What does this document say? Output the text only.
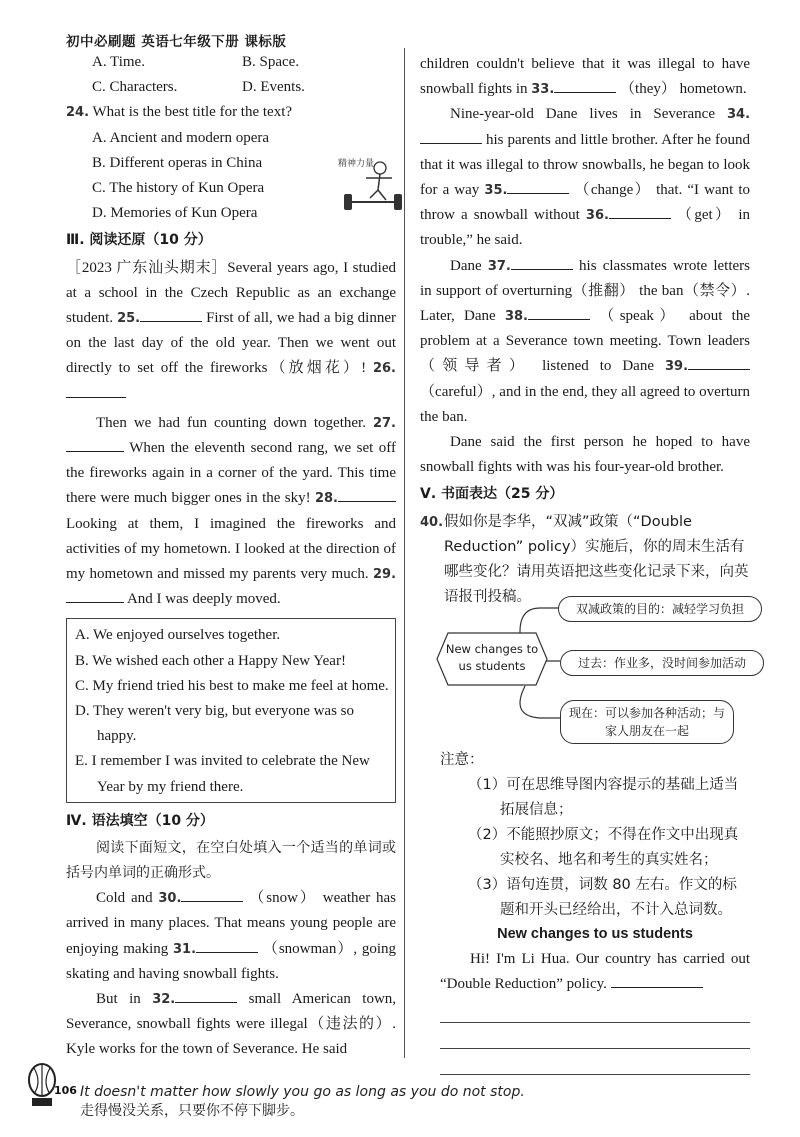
初中必刷题 英语七年级下册 课标版
A. Time.	B. Space.
C. Characters.	D. Events.
24. What is the best title for the text?
A. Ancient and modern opera
B. Different operas in China
C. The history of Kun Opera
D. Memories of Kun Opera
Ⅲ. 阅读还原（10 分）

［2023 广东汕头期末］Several years ago, I studied at a school in the Czech Republic as an exchange student. 25.	First of all, we had a big dinner on the last day of the old year. Then we went out directly to set off the fireworks（放烟花）! 26.

Then we had fun counting down together. 27. When the eleventh second rang, we set off the fireworks again in a corner of the yard. This time there were much bigger ones in the sky! 28. Looking at them, I imagined the fireworks and activities of my hometown. I looked at the direction of my hometown and missed my parents very much. 29. And I was deeply moved.

A. We enjoyed ourselves together.
B. We wished each other a Happy New Year!
C. My friend tried his best to make me feel at home.
D. They weren't very big, but everyone was so happy.
E. I remember I was invited to celebrate the New Year by my friend there.
Ⅳ. 语法填空（10 分）

阅读下面短文，在空白处填入一个适当的单词或括号内单词的正确形式。

Cold and 30.	（snow） weather has arrived in many places. That means young people are enjoying making 31.	（snowman）, going skating and having snowball fights.

But in 32.	small American town, Severance, snowball fights were illegal（违法的）. Kyle works for the town of Severance. He said

精神力量

children couldn't believe that it was illegal to have snowball fights in 33.	（they） hometown.

Nine-year-old Dane lives in Severance 34. his parents and little brother. After he found that it was illegal to throw snowballs, he began to look for a way 35.	（change） that. “I want to throw a snowball without 36.	（get） in trouble,” he said.

Dane 37.	his classmates wrote letters in support of overturning（推翻） the ban（禁令）. Later, Dane 38.	（speak） about the problem at a Severance town meeting. Town leaders（领导者） listened to Dane 39. （careful）, and in the end, they all agreed to overturn the ban.

Dane said the first person he hoped to have snowball fights with was his four-year-old brother.

Ⅴ. 书面表达（25 分）
40. 假如你是李华，“双减”政策（“Double Reduction” policy）实施后，你的周末生活有哪些变化？请用英语把这些变化记录下来，向英语报刊投稿。
New changes to us students
双减政策的目的：减轻学习负担
过去：作业多，没时间参加活动
现在：可以参加各种活动；与家人朋友在一起
注意：
（1）可在思维导图内容提示的基础上适当拓展信息；
（2）不能照抄原文；不得在作文中出现真实校名、地名和考生的真实姓名；
（3）语句连贯，词数 80 左右。作文的标题和开头已经给出，不计入总词数。
New changes to us students

Hi! I'm Li Hua. Our country has carried out “Double Reduction” policy.

106 It doesn't matter how slowly you go as long as you do not stop.
走得慢没关系，只要你不停下脚步。
